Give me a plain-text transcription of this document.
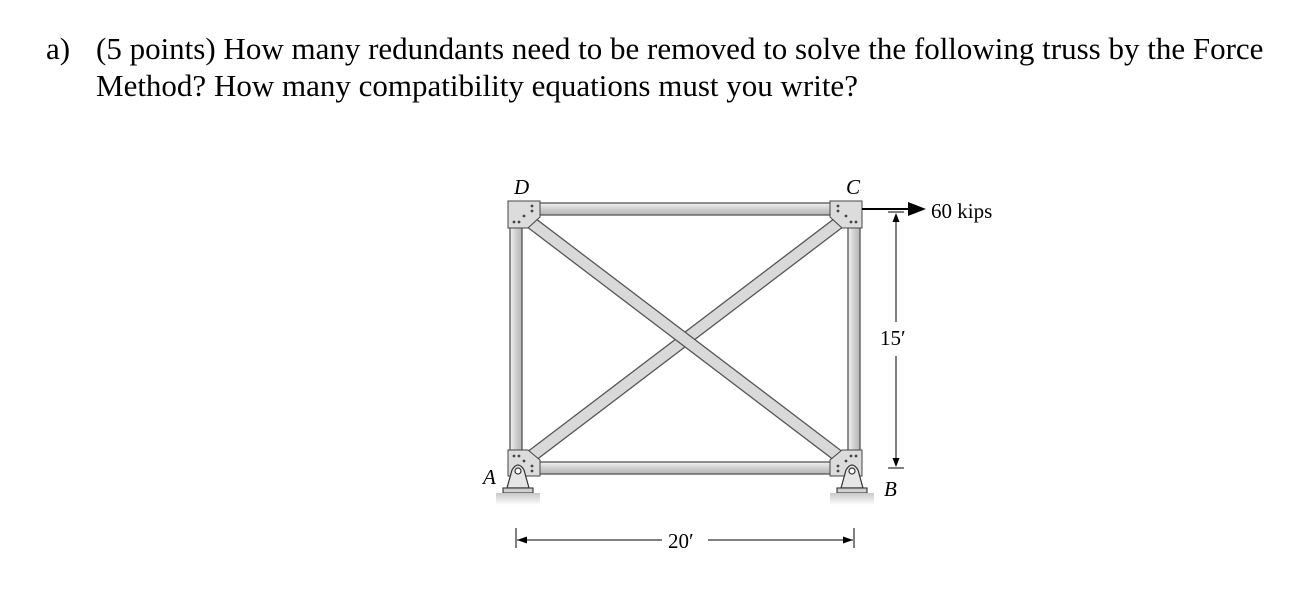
a) (5 points) How many redundants need to be removed to solve the following truss by the Force Method? How many compatibility equations must you write?
60 kips
15′
20′
D	C
A	B
